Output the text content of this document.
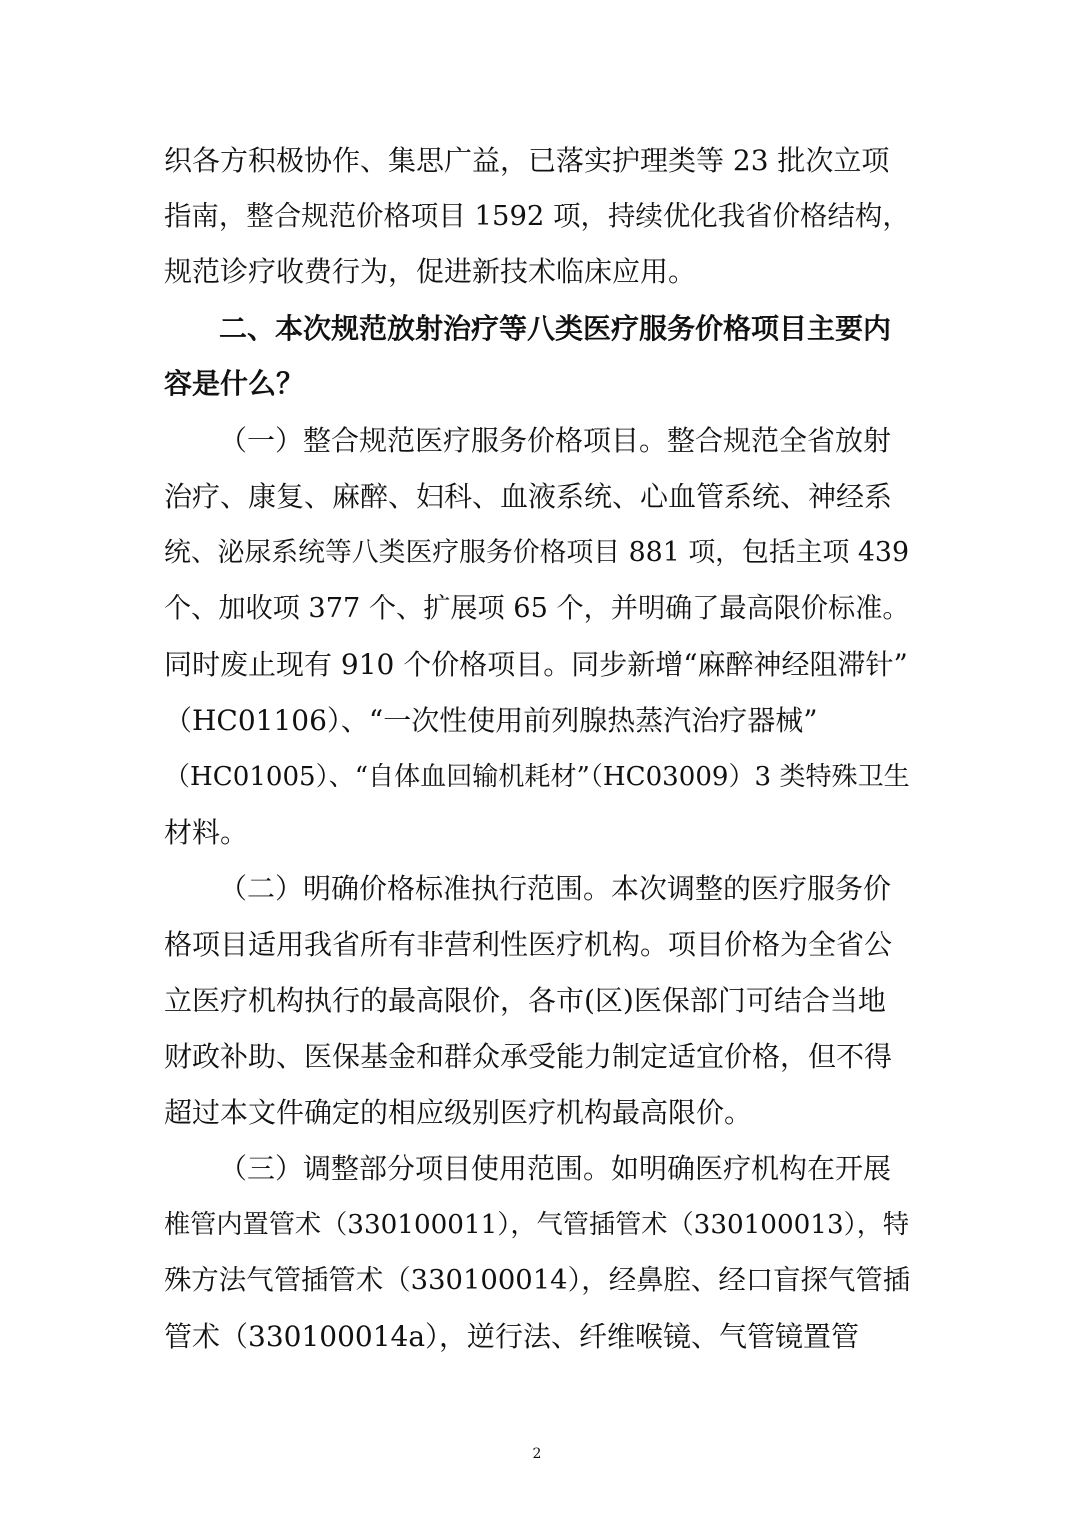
织各方积极协作、集思广益，已落实护理类等 23 批次立项
指南，整合规范价格项目 1592 项，持续优化我省价格结构，
规范诊疗收费行为，促进新技术临床应用。
二、本次规范放射治疗等八类医疗服务价格项目主要内
容是什么？
（一）整合规范医疗服务价格项目。整合规范全省放射
治疗、康复、麻醉、妇科、血液系统、心血管系统、神经系
统、泌尿系统等八类医疗服务价格项目 881 项，包括主项 439
个、加收项 377 个、扩展项 65 个，并明确了最高限价标准。
同时废止现有 910 个价格项目。同步新增“麻醉神经阻滞针”
（HC01106）、“一次性使用前列腺热蒸汽治疗器械”
（HC01005）、“自体血回输机耗材”（HC03009）3 类特殊卫生
材料。
（二）明确价格标准执行范围。本次调整的医疗服务价
格项目适用我省所有非营利性医疗机构。项目价格为全省公
立医疗机构执行的最高限价，各市(区)医保部门可结合当地
财政补助、医保基金和群众承受能力制定适宜价格，但不得
超过本文件确定的相应级别医疗机构最高限价。
（三）调整部分项目使用范围。如明确医疗机构在开展
椎管内置管术（330100011），气管插管术（330100013），特
殊方法气管插管术（330100014），经鼻腔、经口盲探气管插
管术（330100014a），逆行法、纤维喉镜、气管镜置管
2
